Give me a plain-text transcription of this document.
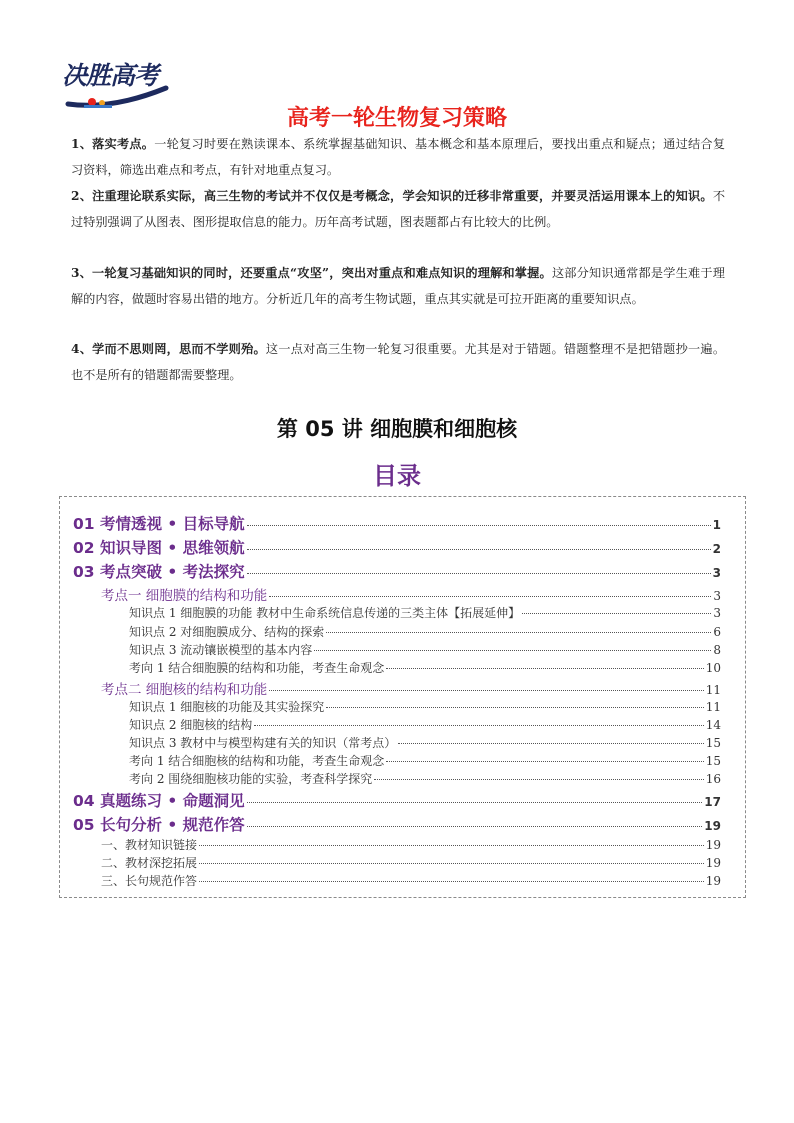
决胜高考
高考一轮生物复习策略

1、落实考点。一轮复习时要在熟读课本、系统掌握基础知识、基本概念和基本原理后，要找出重点和疑点；通过结合复习资料，筛选出难点和考点，有针对地重点复习。

2、注重理论联系实际，高三生物的考试并不仅仅是考概念，学会知识的迁移非常重要，并要灵活运用课本上的知识。不过特别强调了从图表、图形提取信息的能力。历年高考试题，图表题都占有比较大的比例。

3、一轮复习基础知识的同时，还要重点“攻坚”，突出对重点和难点知识的理解和掌握。这部分知识通常都是学生难于理解的内容，做题时容易出错的地方。分析近几年的高考生物试题，重点其实就是可拉开距离的重要知识点。

4、学而不思则罔，思而不学则殆。这一点对高三生物一轮复习很重要。尤其是对于错题。错题整理不是把错题抄一遍。也不是所有的错题都需要整理。

第 05 讲 细胞膜和细胞核
目录
01 考情透视 • 目标导航	1
02 知识导图 • 思维领航	2
03 考点突破 • 考法探究	3
考点一 细胞膜的结构和功能	3
知识点 1 细胞膜的功能 教材中生命系统信息传递的三类主体【拓展延伸】	3
知识点 2 对细胞膜成分、结构的探索	6
知识点 3 流动镶嵌模型的基本内容	8
考向 1 结合细胞膜的结构和功能，考查生命观念	10
考点二 细胞核的结构和功能	11
知识点 1 细胞核的功能及其实验探究	11
知识点 2 细胞核的结构	14
知识点 3 教材中与模型构建有关的知识（常考点）	15
考向 1 结合细胞核的结构和功能，考查生命观念	15
考向 2 围绕细胞核功能的实验，考查科学探究	16
04 真题练习 • 命题洞见	17
05 长句分析 • 规范作答	19
一、教材知识链接	19
二、教材深挖拓展	19
三、长句规范作答	19
